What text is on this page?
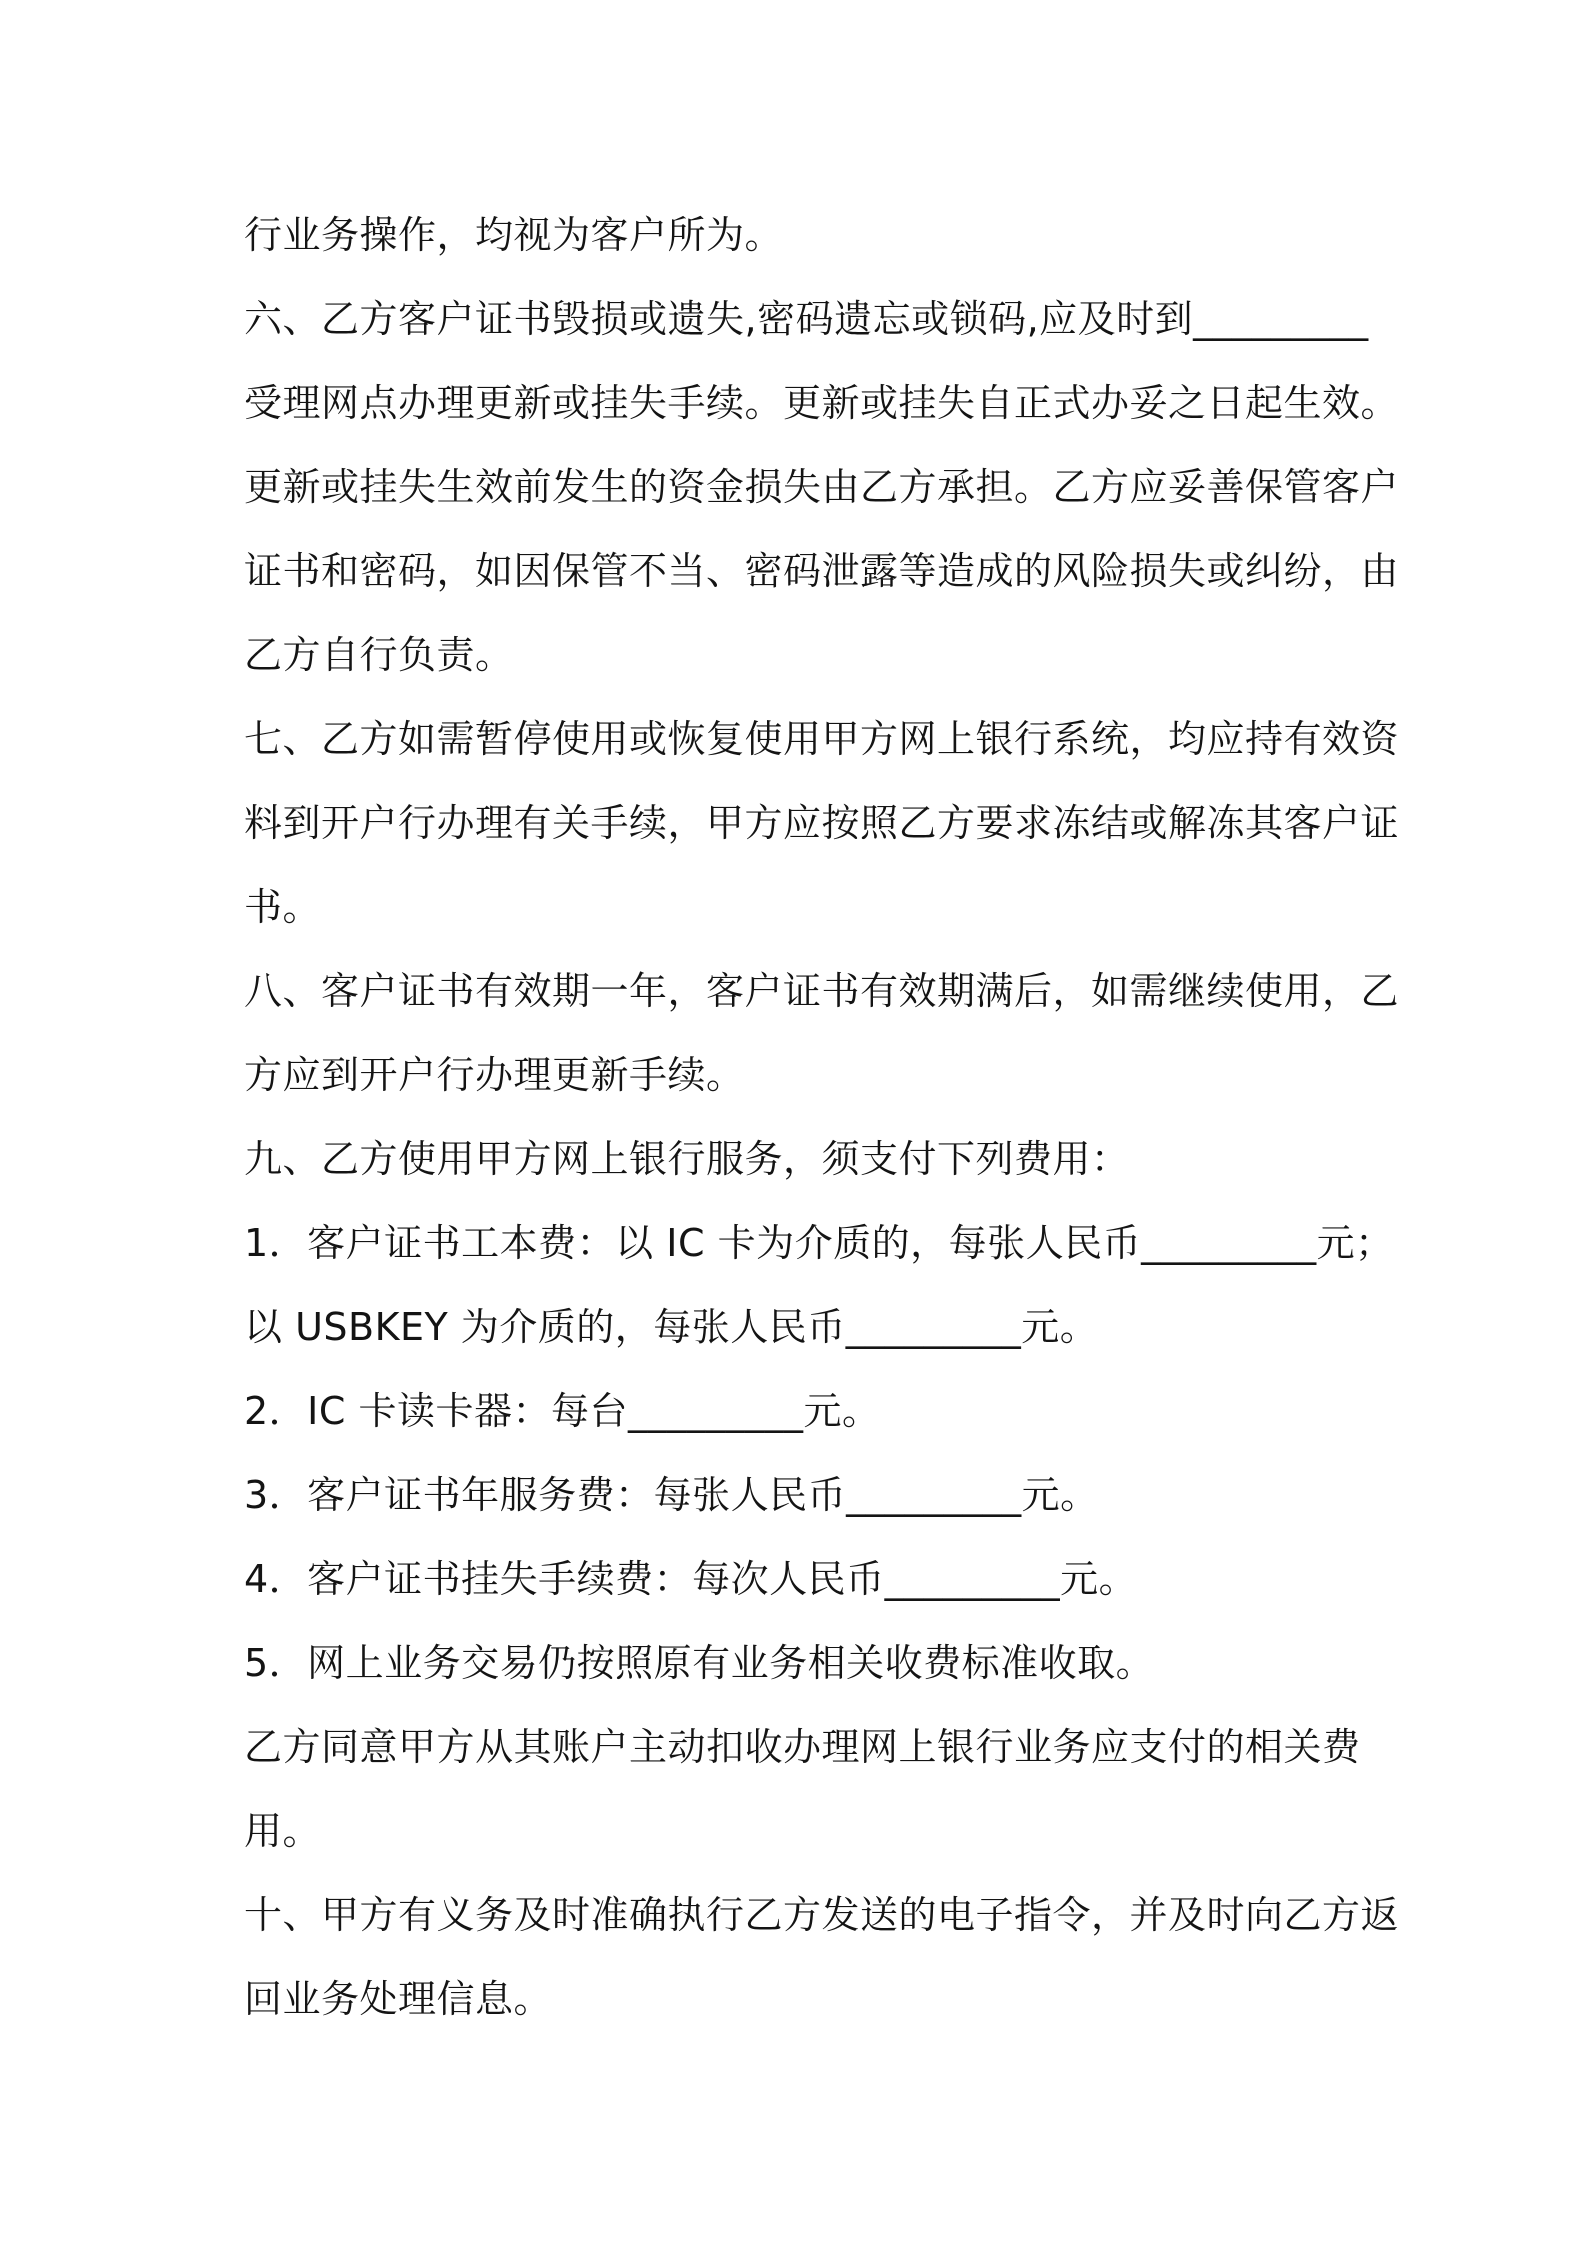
行业务操作，均视为客户所为。
六、乙方客户证书毁损或遗失,密码遗忘或锁码,应及时到_________
受理网点办理更新或挂失手续。更新或挂失自正式办妥之日起生效。
更新或挂失生效前发生的资金损失由乙方承担。乙方应妥善保管客户
证书和密码，如因保管不当、密码泄露等造成的风险损失或纠纷，由
乙方自行负责。
七、乙方如需暂停使用或恢复使用甲方网上银行系统，均应持有效资
料到开户行办理有关手续，甲方应按照乙方要求冻结或解冻其客户证
书。
八、客户证书有效期一年，客户证书有效期满后，如需继续使用，乙
方应到开户行办理更新手续。
九、乙方使用甲方网上银行服务，须支付下列费用：
1．客户证书工本费：以 IC 卡为介质的，每张人民币_________元；
以 USBKEY 为介质的，每张人民币_________元。
2．IC 卡读卡器：每台_________元。
3．客户证书年服务费：每张人民币_________元。
4．客户证书挂失手续费：每次人民币_________元。
5．网上业务交易仍按照原有业务相关收费标准收取。
乙方同意甲方从其账户主动扣收办理网上银行业务应支付的相关费
用。
十、甲方有义务及时准确执行乙方发送的电子指令，并及时向乙方返
回业务处理信息。
